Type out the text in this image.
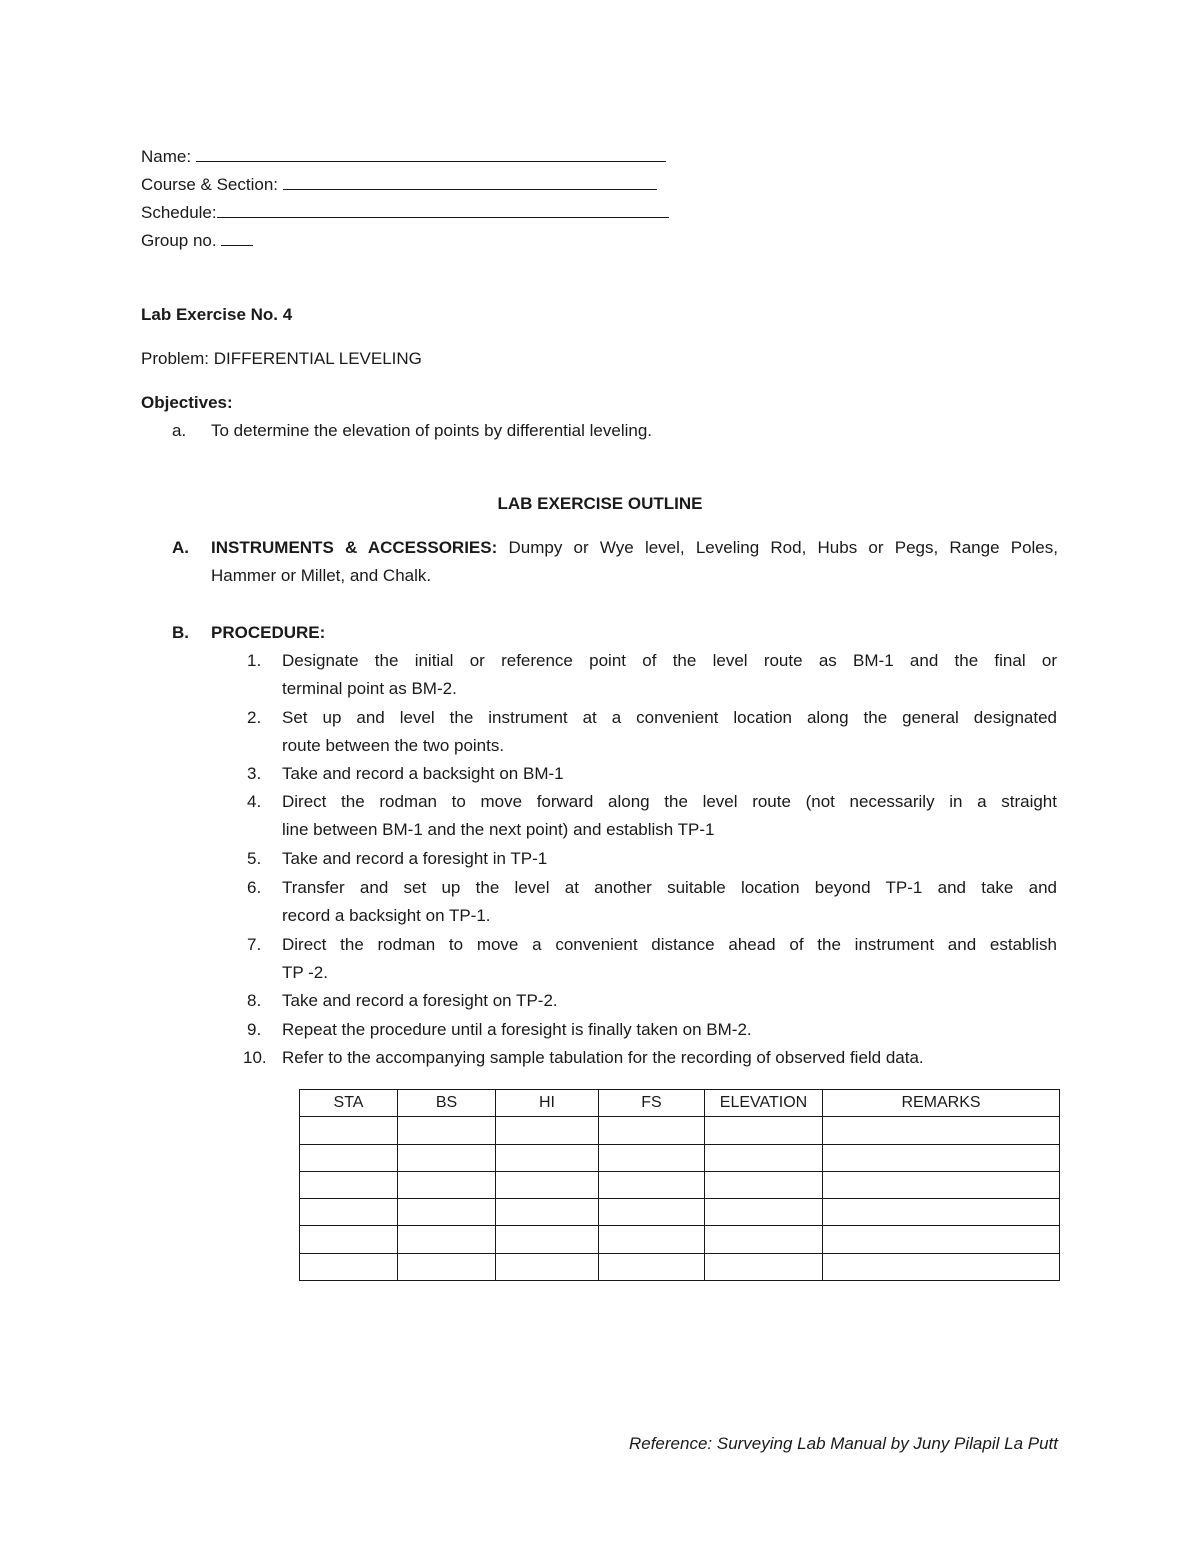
Name:
Course & Section:
Schedule:
Group no.
Lab Exercise No. 4
Problem: DIFFERENTIAL LEVELING
Objectives:
a. To determine the elevation of points by differential leveling.
LAB EXERCISE OUTLINE
A. INSTRUMENTS & ACCESSORIES: Dumpy or Wye level, Leveling Rod, Hubs or Pegs, Range Poles,
Hammer or Millet, and Chalk.
B. PROCEDURE:
1. Designate the initial or reference point of the level route as BM-1 and the final or
terminal point as BM-2.
2. Set up and level the instrument at a convenient location along the general designated
route between the two points.
3. Take and record a backsight on BM-1
4. Direct the rodman to move forward along the level route (not necessarily in a straight
line between BM-1 and the next point) and establish TP-1
5. Take and record a foresight in TP-1
6. Transfer and set up the level at another suitable location beyond TP-1 and take and
record a backsight on TP-1.
7. Direct the rodman to move a convenient distance ahead of the instrument and establish
TP -2.
8. Take and record a foresight on TP-2.
9. Repeat the procedure until a foresight is finally taken on BM-2.
10. Refer to the accompanying sample tabulation for the recording of observed field data.
STA	BS	HI	FS	ELEVATION	REMARKS

Reference: Surveying Lab Manual by Juny Pilapil La Putt
